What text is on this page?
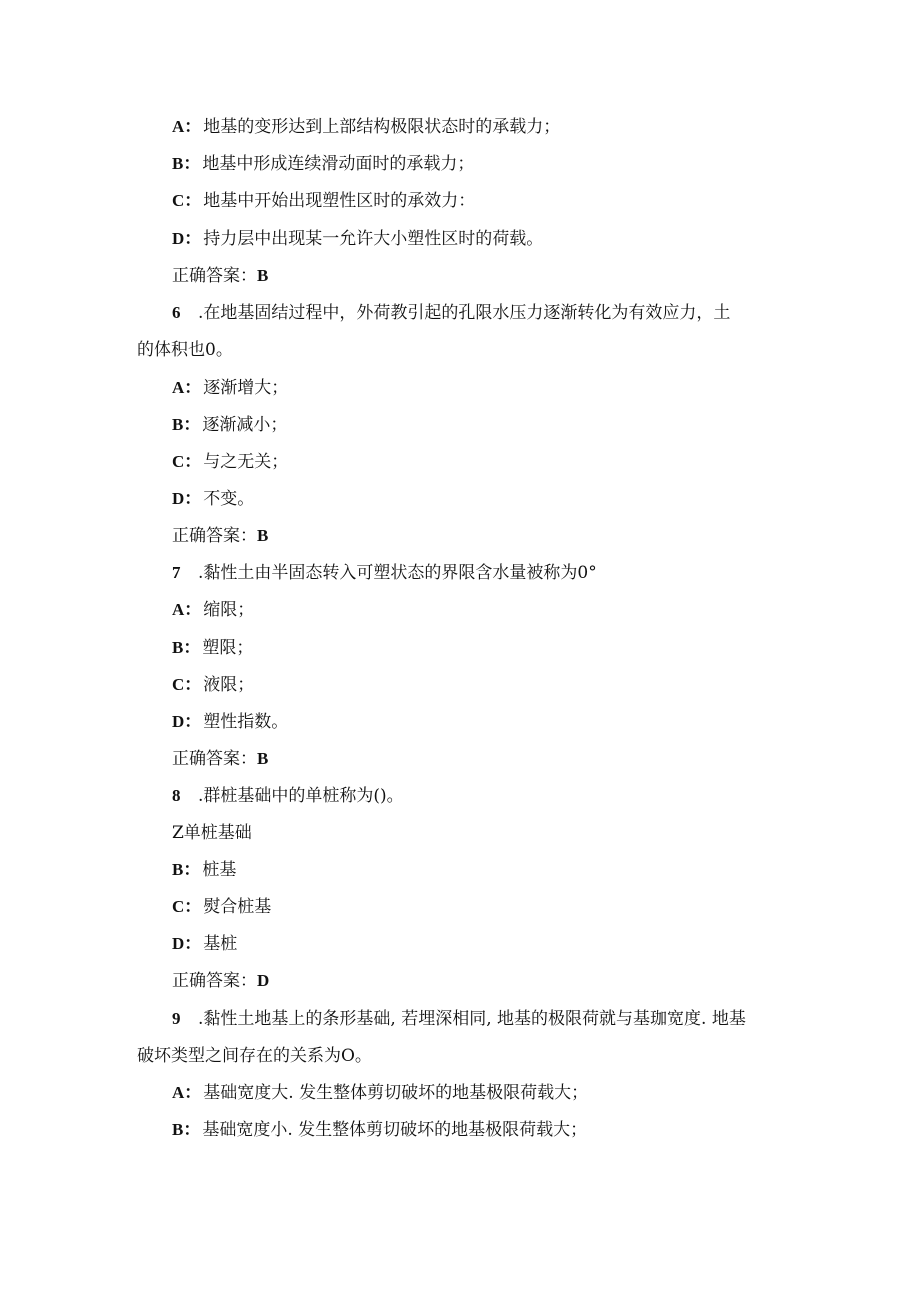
A： 地基的变形达到上部结构极限状态时的承载力；
B： 地基中形成连续滑动面时的承载力；
C： 地基中开始出现塑性区时的承效力：
D： 持力层中出现某一允许大小塑性区时的荷载。
正确答案：B
6 .在地基固结过程中，外荷教引起的孔限水压力逐渐转化为有效应力，土
的体积也0。
A： 逐渐增大；
B： 逐渐减小；
C： 与之无关；
D： 不变。
正确答案：B
7 .黏性土由半固态转入可塑状态的界限含水量被称为0°
A： 缩限；
B： 塑限；
C： 液限；
D： 塑性指数。
正确答案：B
8 .群桩基础中的单桩称为()。
Z单桩基础
B： 桩基
C： 熨合桩基
D： 基桩
正确答案：D
9 .黏性土地基上的条形基础, 若埋深相同, 地基的极限荷就与基珈宽度. 地基
破坏类型之间存在的关系为O。
A： 基础宽度大. 发生整体剪切破坏的地基极限荷载大；
B： 基础宽度小. 发生整体剪切破坏的地基极限荷载大；
